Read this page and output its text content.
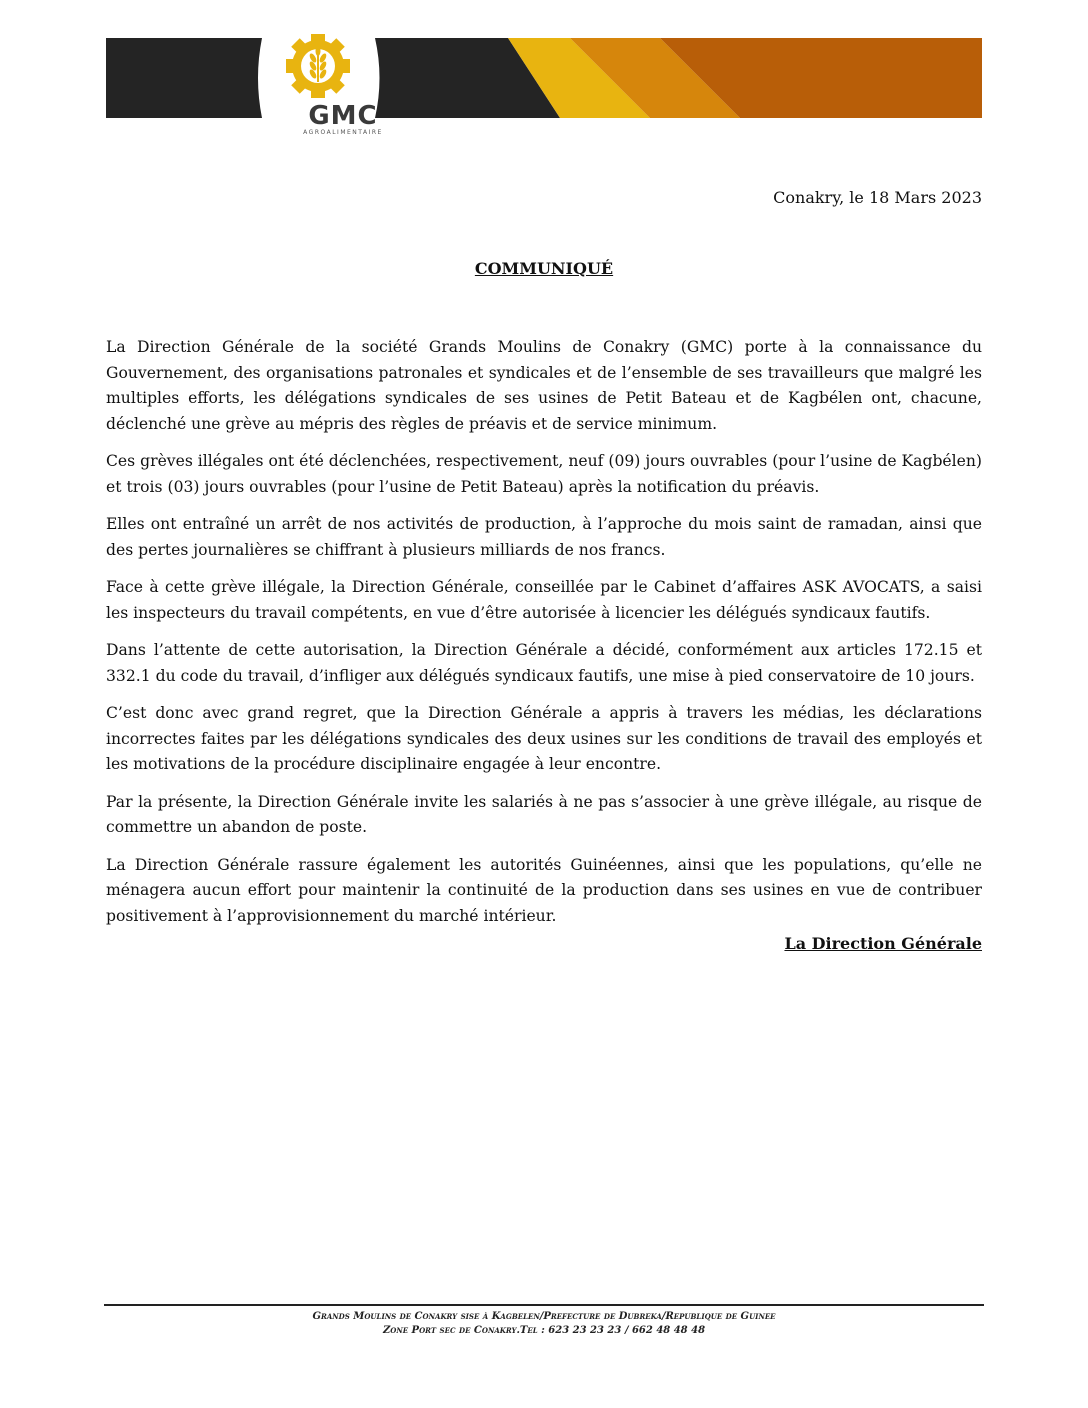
GMC
AGROALIMENTAIRE
Conakry, le 18 Mars 2023
COMMUNIQUÉ

La Direction Générale de la société Grands Moulins de Conakry (GMC) porte à la connaissance du Gouvernement, des organisations patronales et syndicales et de l’ensemble de ses travailleurs que malgré les multiples efforts, les délégations syndicales de ses usines de Petit Bateau et de Kagbélen ont, chacune, déclenché une grève au mépris des règles de préavis et de service minimum.

Ces grèves illégales ont été déclenchées, respectivement, neuf (09) jours ouvrables (pour l’usine de Kagbélen) et trois (03) jours ouvrables (pour l’usine de Petit Bateau) après la notification du préavis.

Elles ont entraîné un arrêt de nos activités de production, à l’approche du mois saint de ramadan, ainsi que des pertes journalières se chiffrant à plusieurs milliards de nos francs.

Face à cette grève illégale, la Direction Générale, conseillée par le Cabinet d’affaires ASK AVOCATS, a saisi les inspecteurs du travail compétents, en vue d’être autorisée à licencier les délégués syndicaux fautifs.

Dans l’attente de cette autorisation, la Direction Générale a décidé, conformément aux articles 172.15 et 332.1 du code du travail, d’infliger aux délégués syndicaux fautifs, une mise à pied conservatoire de 10 jours.

C’est donc avec grand regret, que la Direction Générale a appris à travers les médias, les déclarations incorrectes faites par les délégations syndicales des deux usines sur les conditions de travail des employés et les motivations de la procédure disciplinaire engagée à leur encontre.

Par la présente, la Direction Générale invite les salariés à ne pas s’associer à une grève illégale, au risque de commettre un abandon de poste.

La Direction Générale rassure également les autorités Guinéennes, ainsi que les populations, qu’elle ne ménagera aucun effort pour maintenir la continuité de la production dans ses usines en vue de contribuer positivement à l’approvisionnement du marché intérieur.

La Direction Générale
Grands Moulins de Conakry sise à Kagbelen/Prefecture de Dubreka/Republique de Guinee
Zone Port sec de Conakry.Tel : 623 23 23 23 / 662 48 48 48
